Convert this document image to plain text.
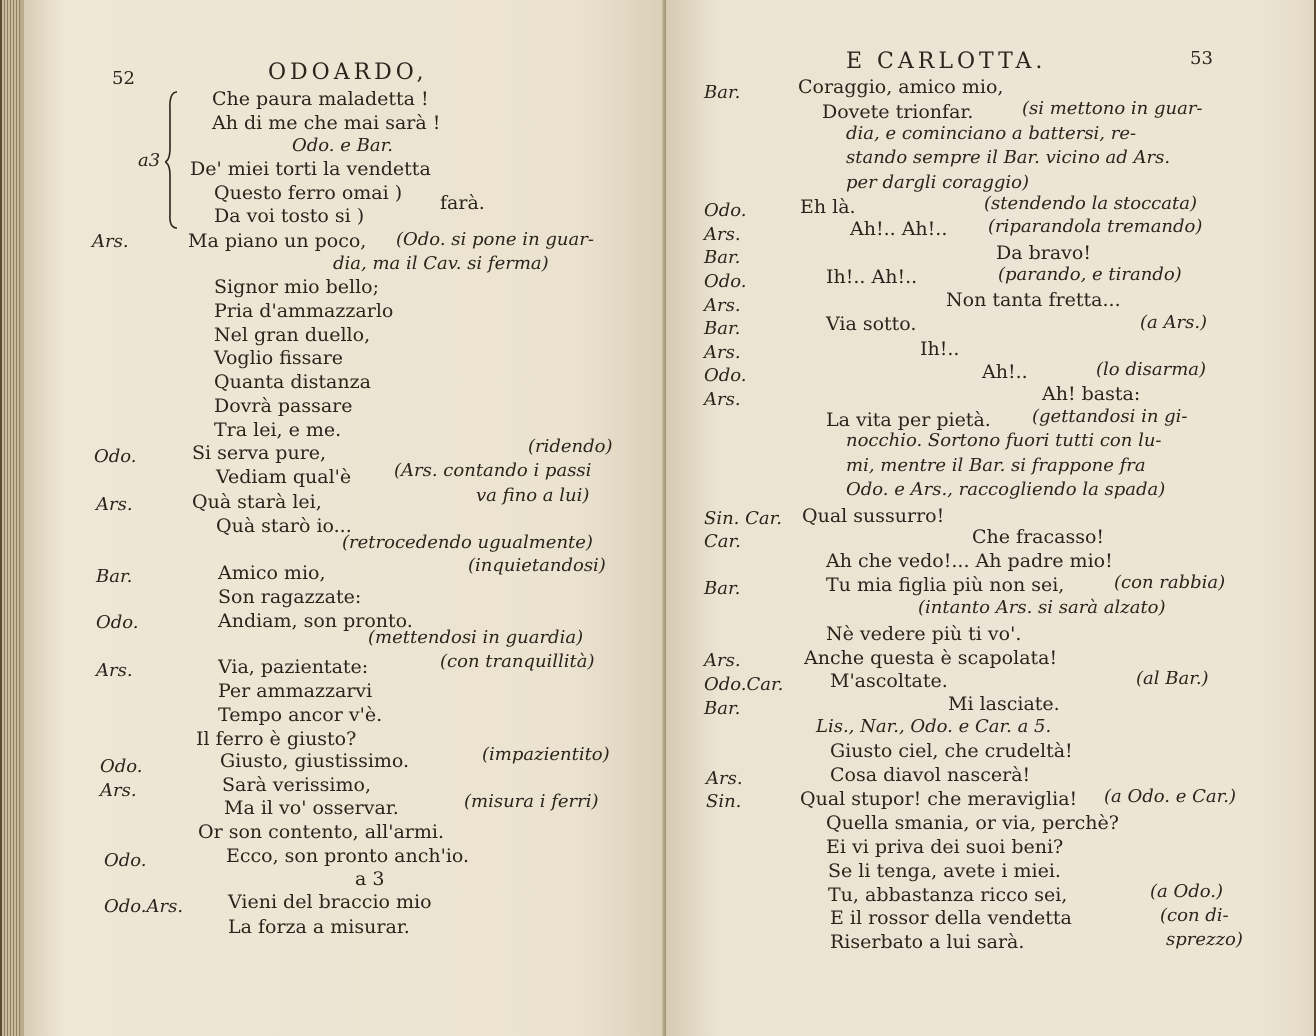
52	ODOARDO,
Che paura maladetta !
Ah di me che mai sarà !
Odo. e Bar.
a3 De' miei torti la vendetta
Questo ferro omai ) farà.
Da voi tosto si )
Ars.	Ma piano un poco, (Odo. si pone in guar-
dia, ma il Cav. si ferma)
Signor mio bello;
Pria d'ammazzarlo
Nel gran duello,
Voglio fissare
Quanta distanza
Dovrà passare
Tra lei, e me.
Odo.	Si serva pure,	(ridendo)
Vediam qual'è (Ars. contando i passi
Ars.	Quà starà lei,	va fino a lui)
Quà starò io...
(retrocedendo ugualmente)
Bar.	Amico mio,	(inquietandosi)
Son ragazzate:
Odo.	Andiam, son pronto.
(mettendosi in guardia)
Ars.	Via, pazientate:	(con tranquillità)
Per ammazzarvi
Tempo ancor v'è.
Il ferro è giusto?
Odo.	Giusto, giustissimo.	(impazientito)
Ars.	Sarà verissimo,
Ma il vo' osservar.	(misura i ferri)
Or son contento, all'armi.
Odo.	Ecco, son pronto anch'io.
a 3
Odo.Ars. Vieni del braccio mio
La forza a misurar.
E CARLOTTA.	53
Bar.	Coraggio, amico mio,
Dovete trionfar.	(si mettono in guar-
dia, e cominciano a battersi, re-
stando sempre il Bar. vicino ad Ars.
per dargli coraggio)
Odo.	Eh là.	(stendendo la stoccata)
Ars.	Ah!.. Ah!.. (riparandola tremando)
Bar.	Da bravo!
Odo.	Ih!.. Ah!..	(parando, e tirando)
Ars.	Non tanta fretta...
Bar.	Via sotto.	(a Ars.)
Ars.	Ih!..
Odo.	Ah!..	(lo disarma)
Ars.	Ah! basta:
La vita per pietà. (gettandosi in gi-
nocchio. Sortono fuori tutti con lu-
mi, mentre il Bar. si frappone fra
Odo. e Ars., raccogliendo la spada)
Sin. Car. Qual sussurro!
Car.	Che fracasso!
Ah che vedo!... Ah padre mio!
Bar.	Tu mia figlia più non sei,	(con rabbia)
(intanto Ars. si sarà alzato)
Nè vedere più ti vo'.
Ars.	Anche questa è scapolata!
Odo.Car. M'ascoltate.	(al Bar.)
Bar.	Mi lasciate.
Lis., Nar., Odo. e Car. a 5.
Giusto ciel, che crudeltà!
Ars.	Cosa diavol nascerà!
Sin.	Qual stupor! che meraviglia! (a Odo. e Car.)
Quella smania, or via, perchè?
Ei vi priva dei suoi beni?
Se li tenga, avete i miei.
Tu, abbastanza ricco sei,	(a Odo.)
E il rossor della vendetta	(con di-
Riserbato a lui sarà.	sprezzo)
